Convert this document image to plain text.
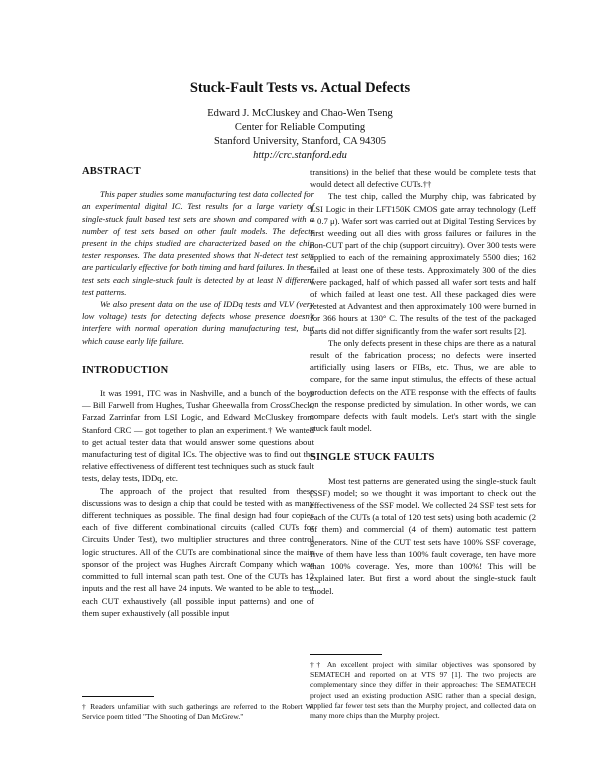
Stuck-Fault Tests vs. Actual Defects
Edward J. McCluskey and Chao-Wen Tseng
Center for Reliable Computing
Stanford University, Stanford, CA 94305
http://crc.stanford.edu
ABSTRACT

This paper studies some manufacturing test data collected for an experimental digital IC. Test results for a large variety of single-stuck fault based test sets are shown and compared with a number of test sets based on other fault models. The defects present in the chips studied are characterized based on the chip tester responses. The data presented shows that N-detect test sets are particularly effective for both timing and hard failures. In these test sets each single-stuck fault is detected by at least N different test patterns.

We also present data on the use of IDDq tests and VLV (very low voltage) tests for detecting defects whose presence doesn't interfere with normal operation during manufacturing test, but which cause early life failure.

INTRODUCTION

It was 1991, ITC was in Nashville, and a bunch of the boys — Bill Farwell from Hughes, Tushar Gheewalla from CrossCheck, Farzad Zarrinfar from LSI Logic, and Edward McCluskey from Stanford CRC — got together to plan an experiment.† We wanted to get actual tester data that would answer some questions about manufacturing test of digital ICs. The objective was to find out the relative effectiveness of different test techniques such as stuck fault tests, delay tests, IDDq, etc.

The approach of the project that resulted from these discussions was to design a chip that could be tested with as many different techniques as possible. The final design had four copies each of five different combinational circuits (called CUTs for Circuits Under Test), two multiplier structures and three control logic structures. All of the CUTs are combinational since the main sponsor of the project was Hughes Aircraft Company which was committed to full internal scan path test. One of the CUTs has 12 inputs and the rest all have 24 inputs. We wanted to be able to test each CUT exhaustively (all possible input patterns) and one of them super exhaustively (all possible input

† Readers unfamiliar with such gatherings are referred to the Robert W. Service poem titled "The Shooting of Dan McGrew."

transitions) in the belief that these would be complete tests that would detect all defective CUTs.††

The test chip, called the Murphy chip, was fabricated by LSI Logic in their LFT150K CMOS gate array technology (Leff = 0.7 μ). Wafer sort was carried out at Digital Testing Services by first weeding out all dies with gross failures or failures in the non-CUT part of the chip (support circuitry). Over 300 tests were applied to each of the remaining approximately 5500 dies; 162 failed at least one of these tests. Approximately 300 of the dies were packaged, half of which passed all wafer sort tests and half of which failed at least one test. All these packaged dies were retested at Advantest and then approximately 100 were burned in for 366 hours at 130° C. The results of the test of the packaged parts did not differ significantly from the wafer sort results [2].

The only defects present in these chips are there as a natural result of the fabrication process; no defects were inserted artificially using lasers or FIBs, etc. Thus, we are able to compare, for the same input stimulus, the effects of these actual production defects on the ATE response with the effects of faults on the response predicted by simulation. In other words, we can compare defects with fault models. Let's start with the single stuck fault model.

SINGLE STUCK FAULTS

Most test patterns are generated using the single-stuck fault (SSF) model; so we thought it was important to check out the effectiveness of the SSF model. We collected 24 SSF test sets for each of the CUTs (a total of 120 test sets) using both academic (2 of them) and commercial (4 of them) automatic test pattern generators. Nine of the CUT test sets have 100% SSF coverage, five of them have less than 100% fault coverage, ten have more than 100% coverage. Yes, more than 100%! This will be explained later. But first a word about the single-stuck fault model.

†† An excellent project with similar objectives was sponsored by SEMATECH and reported on at VTS 97 [1]. The two projects are complementary since they differ in their approaches: The SEMATECH project used an existing production ASIC rather than a special design, applied far fewer test sets than the Murphy project, and collected data on many more chips than the Murphy project.
